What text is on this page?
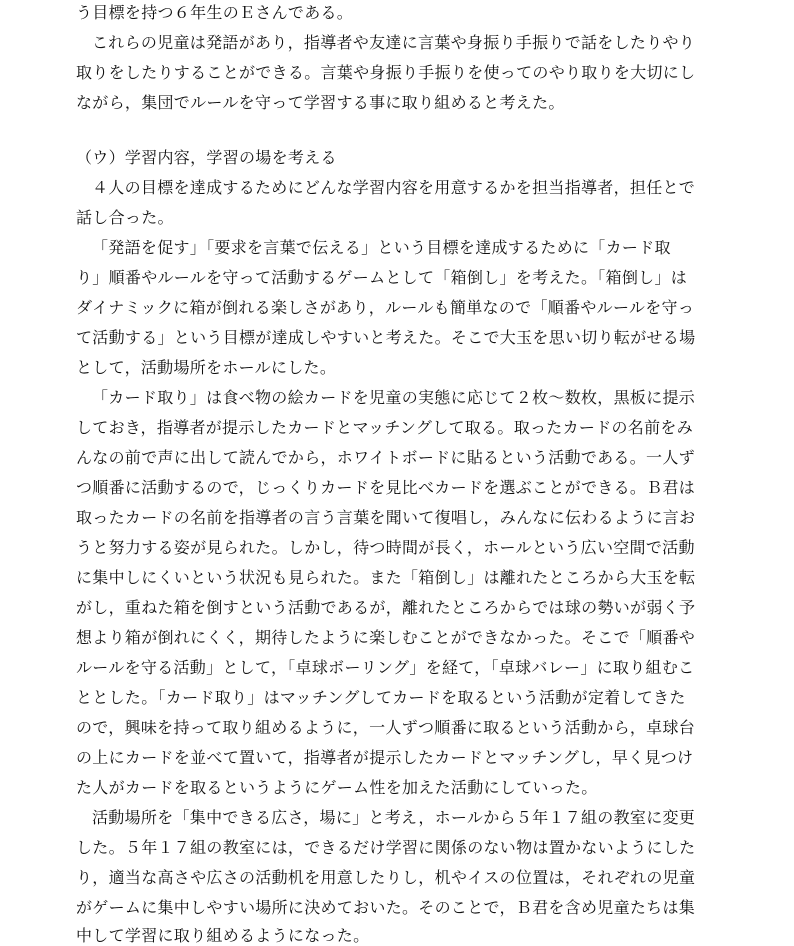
う目標を持つ６年生のＥさんである。
これらの児童は発語があり，指導者や友達に言葉や身振り手振りで話をしたりやり
取りをしたりすることができる。言葉や身振り手振りを使ってのやり取りを大切にし
ながら，集団でルールを守って学習する事に取り組めると考えた。
（ウ）学習内容，学習の場を考える
４人の目標を達成するためにどんな学習内容を用意するかを担当指導者，担任とで
話し合った。
「発語を促す」「要求を言葉で伝える」という目標を達成するために「カード取
り」順番やルールを守って活動するゲームとして「箱倒し」を考えた。「箱倒し」は
ダイナミックに箱が倒れる楽しさがあり，ルールも簡単なので「順番やルールを守っ
て活動する」という目標が達成しやすいと考えた。そこで大玉を思い切り転がせる場
として，活動場所をホールにした。
「カード取り」は食べ物の絵カードを児童の実態に応じて２枚～数枚，黒板に提示
しておき，指導者が提示したカードとマッチングして取る。取ったカードの名前をみ
んなの前で声に出して読んでから，ホワイトボードに貼るという活動である。一人ず
つ順番に活動するので，じっくりカードを見比べカードを選ぶことができる。Ｂ君は
取ったカードの名前を指導者の言う言葉を聞いて復唱し，みんなに伝わるように言お
うと努力する姿が見られた。しかし，待つ時間が長く，ホールという広い空間で活動
に集中しにくいという状況も見られた。また「箱倒し」は離れたところから大玉を転
がし，重ねた箱を倒すという活動であるが，離れたところからでは球の勢いが弱く予
想より箱が倒れにくく，期待したように楽しむことができなかった。そこで「順番や
ルールを守る活動」として，「卓球ボーリング」を経て，「卓球バレー」に取り組むこ
ととした。「カード取り」はマッチングしてカードを取るという活動が定着してきた
ので，興味を持って取り組めるように，一人ずつ順番に取るという活動から，卓球台
の上にカードを並べて置いて，指導者が提示したカードとマッチングし，早く見つけ
た人がカードを取るというようにゲーム性を加えた活動にしていった。
活動場所を「集中できる広さ，場に」と考え，ホールから５年１７組の教室に変更
した。５年１７組の教室には，できるだけ学習に関係のない物は置かないようにした
り，適当な高さや広さの活動机を用意したりし，机やイスの位置は，それぞれの児童
がゲームに集中しやすい場所に決めておいた。そのことで，Ｂ君を含め児童たちは集
中して学習に取り組めるようになった。
